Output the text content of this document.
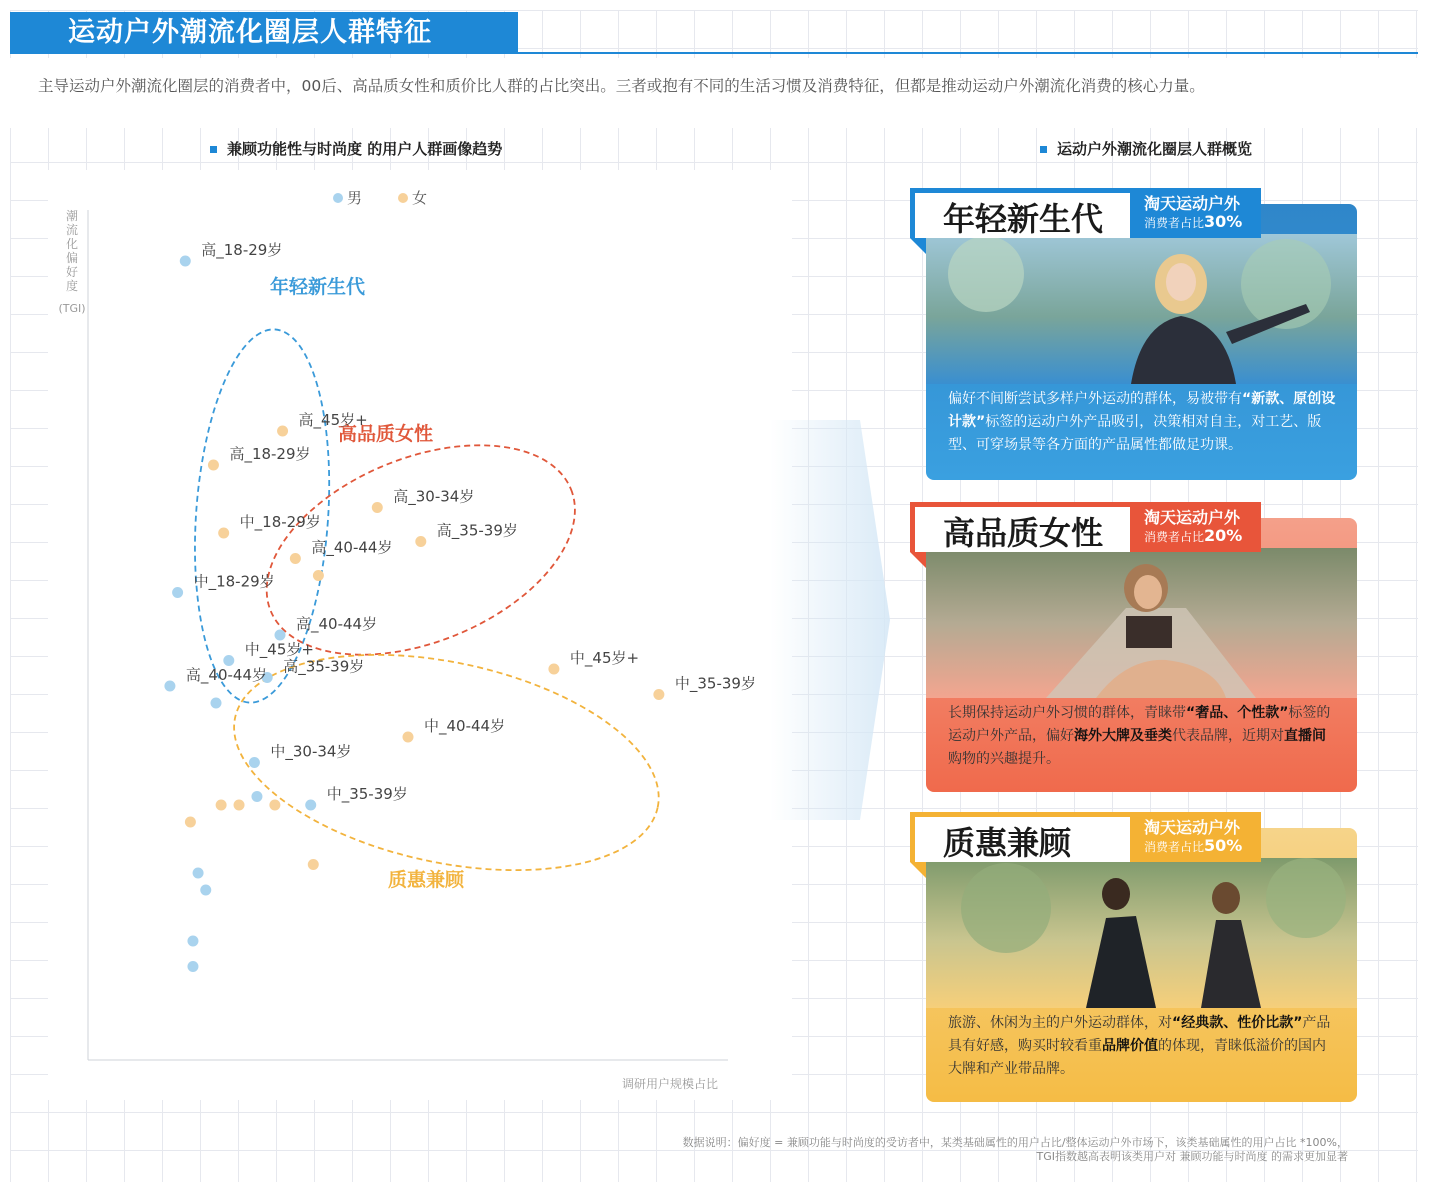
运动户外潮流化圈层人群特征
主导运动户外潮流化圈层的消费者中，00后、高品质女性和质价比人群的占比突出。三者或抱有不同的生活习惯及消费特征，但都是推动运动户外潮流化消费的核心力量。
兼顾功能性与时尚度 的用户人群画像趋势	运动户外潮流化圈层人群概览
潮
流
化
偏
好
度
(TGI)
调研用户规模占比
男	女
年轻新生代
高品质女性
质惠兼顾
高_18-29岁
中_18-29岁
高_40-44岁
中_45岁+
高_35-39岁
高_40-44岁
中_30-34岁
中_35-39岁
高_45岁+
高_18-29岁
高_30-34岁
中_18-29岁	高_35-39岁
高_40-44岁
中_45岁+
中_35-39岁
中_40-44岁
偏好不间断尝试多样户外运动的群体，易被带有“新款、原创设计款”标签的运动户外产品吸引，决策相对自主，对工艺、版型、可穿场景等各方面的产品属性都做足功课。
年轻新生代	淘天运动户外
消费者占比30%
长期保持运动户外习惯的群体，青睐带“奢品、个性款”标签的运动户外产品，偏好海外大牌及垂类代表品牌，近期对直播间购物的兴趣提升。
高品质女性	淘天运动户外
消费者占比20%
旅游、休闲为主的户外运动群体，对“经典款、性价比款”产品具有好感，购买时较看重品牌价值的体现，青睐低溢价的国内大牌和产业带品牌。
质惠兼顾	淘天运动户外
消费者占比50%
数据说明：偏好度 = 兼顾功能与时尚度的受访者中，某类基础属性的用户占比/整体运动户外市场下，该类基础属性的用户占比 *100%，
TGI指数越高表明该类用户对 兼顾功能与时尚度 的需求更加显著
